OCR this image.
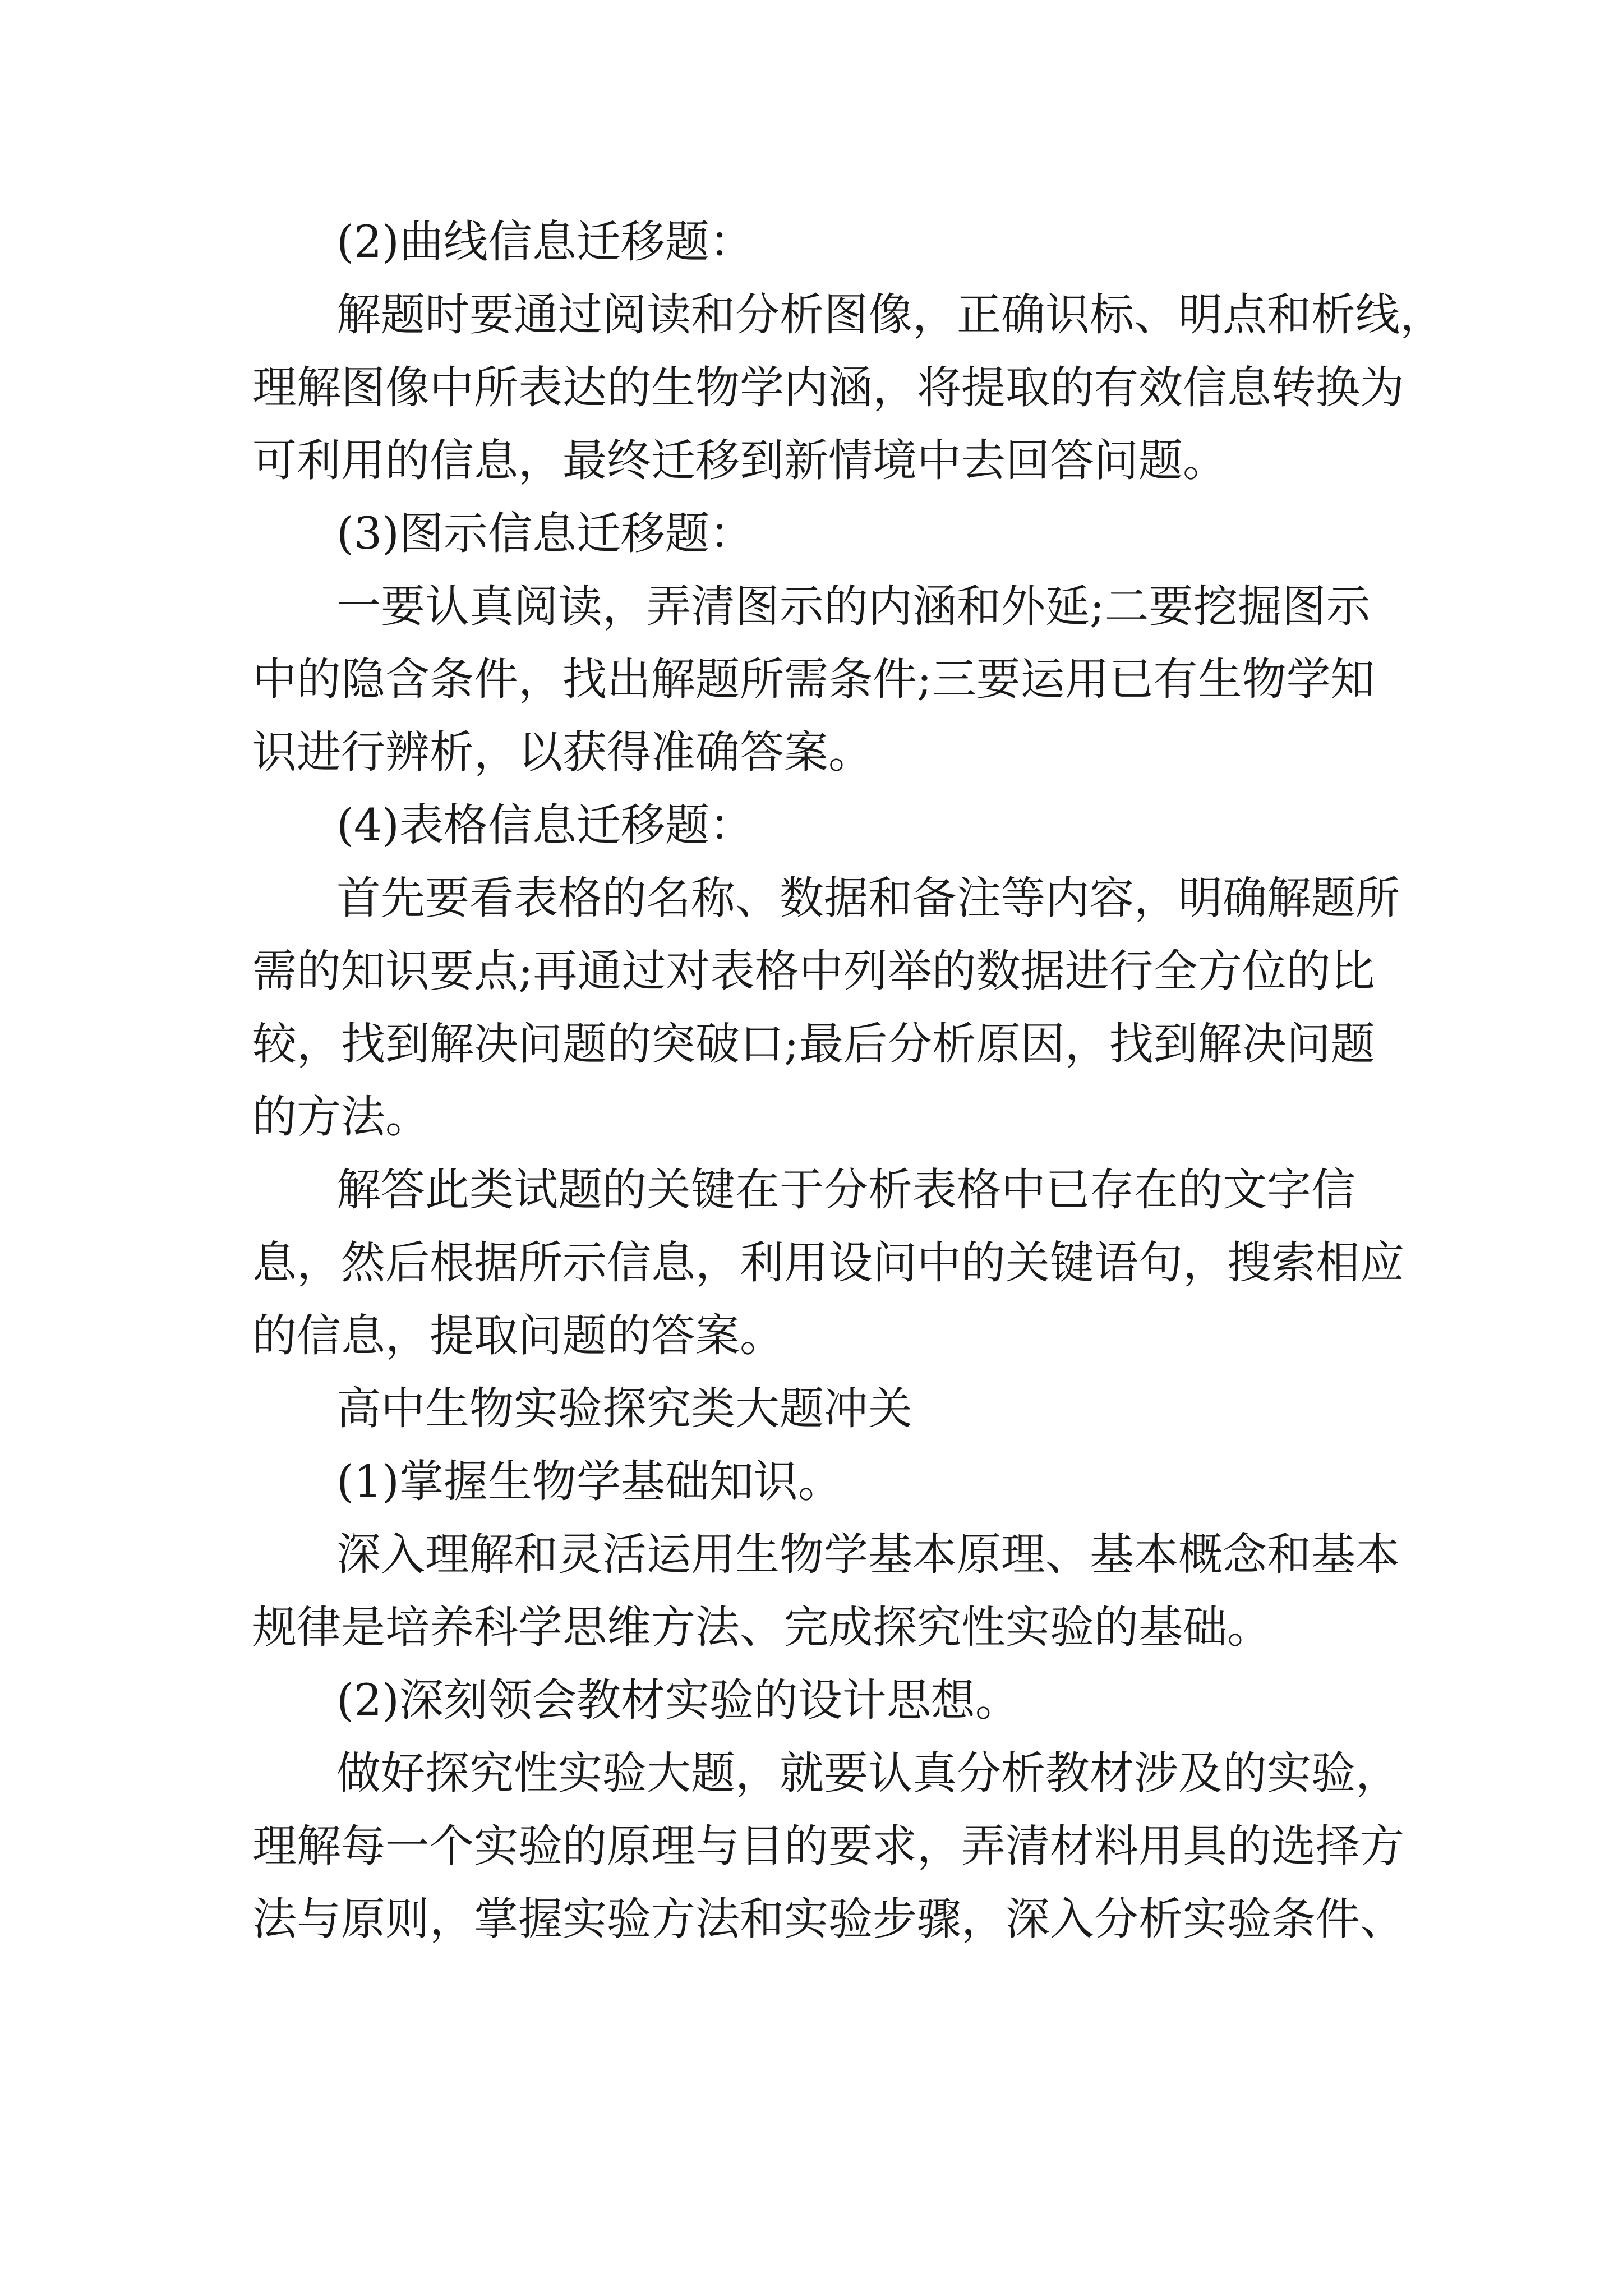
(2)曲线信息迁移题：
解题时要通过阅读和分析图像，正确识标、明点和析线，
理解图像中所表达的生物学内涵，将提取的有效信息转换为
可利用的信息，最终迁移到新情境中去回答问题。
(3)图示信息迁移题：
一要认真阅读，弄清图示的内涵和外延;二要挖掘图示
中的隐含条件，找出解题所需条件;三要运用已有生物学知
识进行辨析，以获得准确答案。
(4)表格信息迁移题：
首先要看表格的名称、数据和备注等内容，明确解题所
需的知识要点;再通过对表格中列举的数据进行全方位的比
较，找到解决问题的突破口;最后分析原因，找到解决问题
的方法。
解答此类试题的关键在于分析表格中已存在的文字信
息，然后根据所示信息，利用设问中的关键语句，搜索相应
的信息，提取问题的答案。
高中生物实验探究类大题冲关
(1)掌握生物学基础知识。
深入理解和灵活运用生物学基本原理、基本概念和基本
规律是培养科学思维方法、完成探究性实验的基础。
(2)深刻领会教材实验的设计思想。
做好探究性实验大题，就要认真分析教材涉及的实验，
理解每一个实验的原理与目的要求，弄清材料用具的选择方
法与原则，掌握实验方法和实验步骤，深入分析实验条件、
